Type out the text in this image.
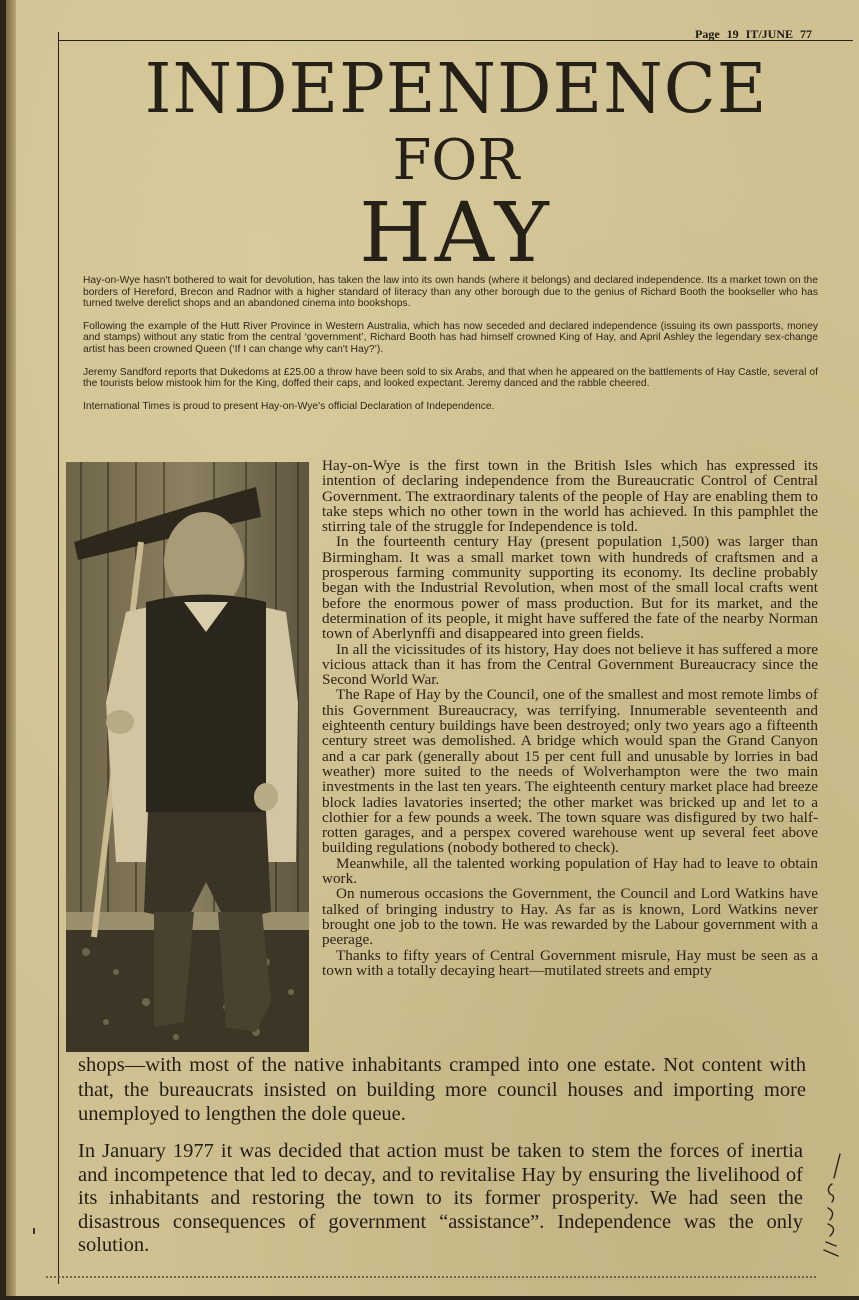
Page 19 IT/JUNE 77
INDEPENDENCE
FOR
HAY

Hay-on-Wye hasn't bothered to wait for devolution, has taken the law into its own hands (where it belongs) and declared independence. Its a market town on the borders of Hereford, Brecon and Radnor with a higher standard of literacy than any other borough due to the genius of Richard Booth the bookseller who has turned twelve derelict shops and an abandoned cinema into bookshops.

Following the example of the Hutt River Province in Western Australia, which has now seceded and declared independence (issuing its own passports, money and stamps) without any static from the central ‘government’, Richard Booth has had himself crowned King of Hay, and April Ashley the legendary sex-change artist has been crowned Queen (‘If I can change why can't Hay?’).

Jeremy Sandford reports that Dukedoms at £25.00 a throw have been sold to six Arabs, and that when he appeared on the battlements of Hay Castle, several of the tourists below mistook him for the King, doffed their caps, and looked expectant. Jeremy danced and the rabble cheered.

International Times is proud to present Hay-on-Wye's official Declaration of Independence.

Hay-on-Wye is the first town in the British Isles which has expressed its intention of declaring independence from the Bureaucratic Control of Central Government. The extraordinary talents of the people of Hay are enabling them to take steps which no other town in the world has achieved. In this pamphlet the stirring tale of the struggle for Independence is told.

In the fourteenth century Hay (present population 1,500) was larger than Birmingham. It was a small market town with hundreds of craftsmen and a prosperous farming community supporting its economy. Its decline probably began with the Industrial Revolution, when most of the small local crafts went before the enormous power of mass production. But for its market, and the determination of its people, it might have suffered the fate of the nearby Norman town of Aberlynffi and disappeared into green fields.

In all the vicissitudes of its history, Hay does not believe it has suffered a more vicious attack than it has from the Central Government Bureaucracy since the Second World War.

The Rape of Hay by the Council, one of the smallest and most remote limbs of this Government Bureaucracy, was terrifying. Innumerable seventeenth and eighteenth century buildings have been destroyed; only two years ago a fifteenth century street was demolished. A bridge which would span the Grand Canyon and a car park (generally about 15 per cent full and unusable by lorries in bad weather) more suited to the needs of Wolverhampton were the two main investments in the last ten years. The eighteenth century market place had breeze block ladies lavatories inserted; the other market was bricked up and let to a clothier for a few pounds a week. The town square was disfigured by two half-rotten garages, and a perspex covered warehouse went up several feet above building regulations (nobody bothered to check).

Meanwhile, all the talented working population of Hay had to leave to obtain work.

On numerous occasions the Government, the Council and Lord Watkins have talked of bringing industry to Hay. As far as is known, Lord Watkins never brought one job to the town. He was rewarded by the Labour government with a peerage.

Thanks to fifty years of Central Government misrule, Hay must be seen as a town with a totally decaying heart—mutilated streets and empty

shops—with most of the native inhabitants cramped into one estate. Not content with that, the bureaucrats insisted on building more council houses and importing more unemployed to lengthen the dole queue.
In January 1977 it was decided that action must be taken to stem the forces of inertia and incompetence that led to decay, and to revitalise Hay by ensuring the livelihood of its inhabitants and restoring the town to its former prosperity. We had seen the disastrous consequences of government “assistance”. Independence was the only solution.
